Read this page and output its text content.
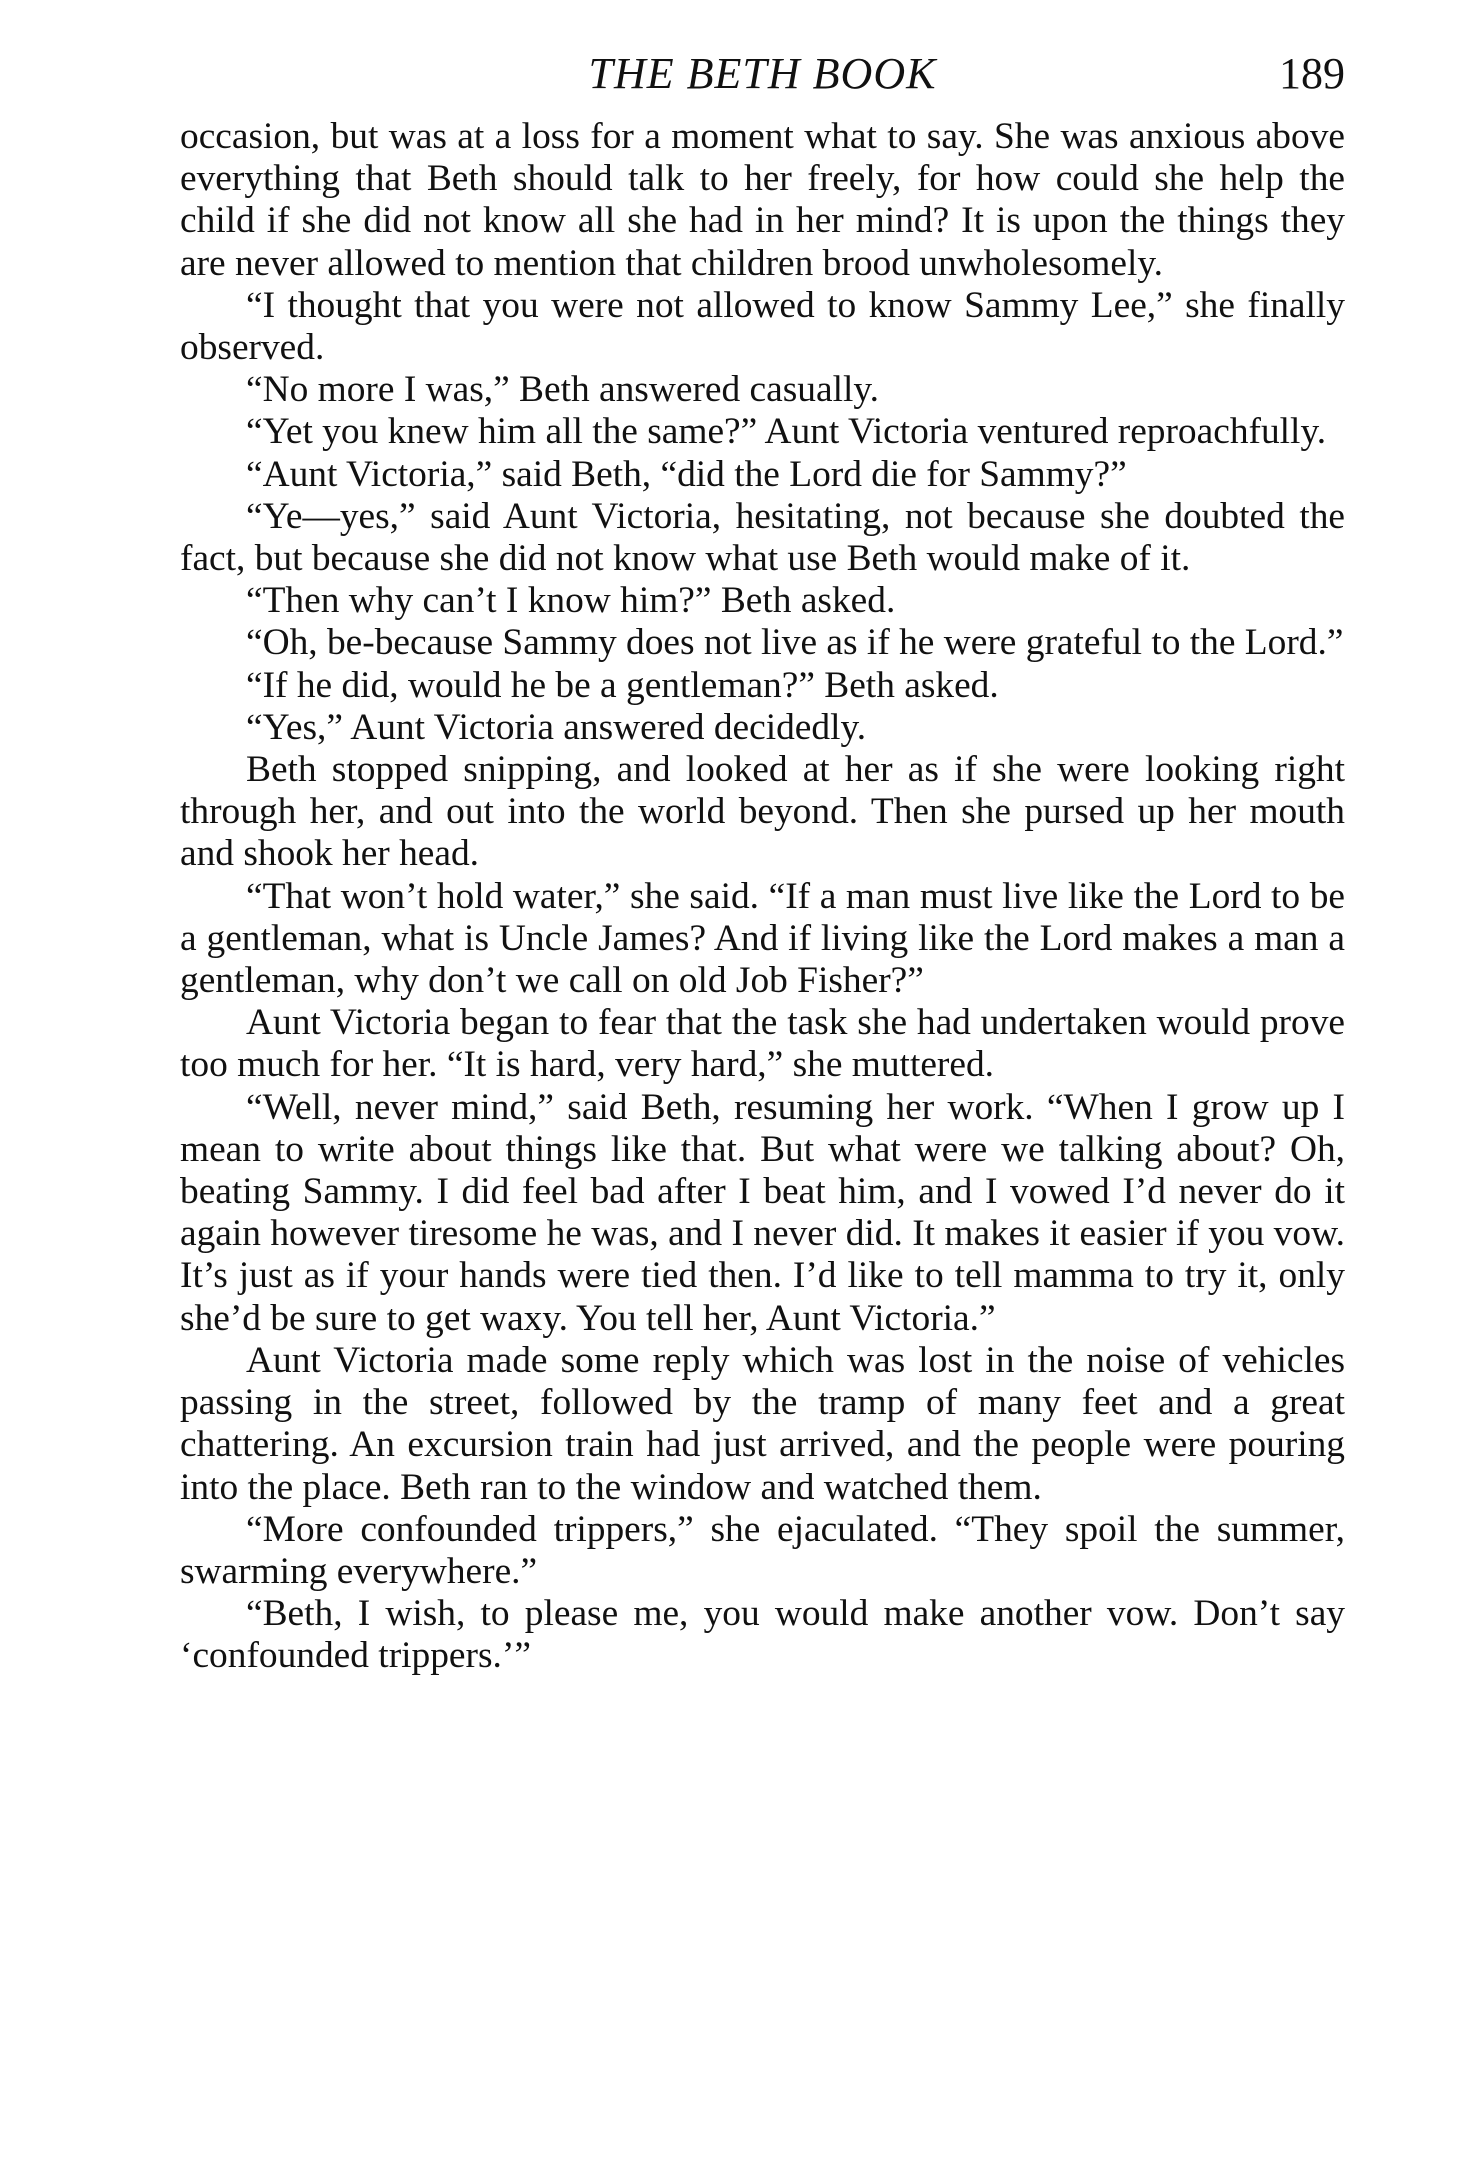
THE BETH BOOK	189

occasion, but was at a loss for a moment what to say. She was anxious above everything that Beth should talk to her freely, for how could she help the child if she did not know all she had in her mind? It is upon the things they are never allowed to mention that children brood unwholesomely.

“I thought that you were not allowed to know Sammy Lee,” she finally observed.

“No more I was,” Beth answered casually.

“Yet you knew him all the same?” Aunt Victoria ventured reproachfully.

“Aunt Victoria,” said Beth, “did the Lord die for Sammy?”

“Ye—yes,” said Aunt Victoria, hesitating, not because she doubted the fact, but because she did not know what use Beth would make of it.

“Then why can’t I know him?” Beth asked.

“Oh, be-because Sammy does not live as if he were grateful to the Lord.”

“If he did, would he be a gentleman?” Beth asked.

“Yes,” Aunt Victoria answered decidedly.

Beth stopped snipping, and looked at her as if she were looking right through her, and out into the world beyond. Then she pursed up her mouth and shook her head.

“That won’t hold water,” she said. “If a man must live like the Lord to be a gentleman, what is Uncle James? And if living like the Lord makes a man a gentleman, why don’t we call on old Job Fisher?”

Aunt Victoria began to fear that the task she had undertaken would prove too much for her. “It is hard, very hard,” she muttered.

“Well, never mind,” said Beth, resuming her work. “When I grow up I mean to write about things like that. But what were we talking about? Oh, beating Sammy. I did feel bad after I beat him, and I vowed I’d never do it again however tiresome he was, and I never did. It makes it easier if you vow. It’s just as if your hands were tied then. I’d like to tell mamma to try it, only she’d be sure to get waxy. You tell her, Aunt Victoria.”

Aunt Victoria made some reply which was lost in the noise of vehicles passing in the street, followed by the tramp of many feet and a great chattering. An excursion train had just arrived, and the people were pouring into the place. Beth ran to the window and watched them.

“More confounded trippers,” she ejaculated. “They spoil the summer, swarming everywhere.”

“Beth, I wish, to please me, you would make another vow. Don’t say ‘confounded trippers.’”
